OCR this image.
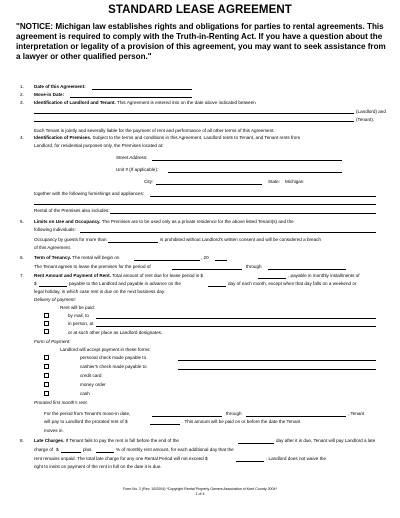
STANDARD LEASE AGREEMENT
"NOTICE: Michigan law establishes rights and obligations for parties to rental agreements. This agreement is required to comply with the Truth-in-Renting Act. If you have a question about the interpretation or legality of a provision of this agreement, you may want to seek assistance from a lawyer or other qualified person."
1. Date of this Agreement:
2. Move-in Date:
3. Identification of Landlord and Tenant. This Agreement is entered into on the date above indicated between
(Landlord) and
(Tenant).
Each Tenant is jointly and severally liable for the payment of rent and performance of all other terms of this Agreement.
4. Identification of Premises. Subject to the terms and conditions in this Agreement, Landlord rents to Tenant, and Tenant rents from
Landlord, for residential purposes only, the Premises located at:
Street Address:
Unit # (If applicable):
City:	State: Michigan
together with the following furnishings and appliances:
Rental of the Premises also includes:
5. Limits on Use and Occupancy. The Premises are to be used only as a private residence for the above listed Tenant(s) and the
following individuals:
Occupancy by guests for more than	is prohibited without Landlord's written consent and will be considered a breach
of this Agreement.
6. Term of Tenancy. The rental will begin on	, 20
The Tenant agrees to lease the premises for the period of	through
7. Rent Amount and Payment of Rent. Total amount of rent due for lease period is $	, payable in monthly installments of
$	payable to the Landlord and payable in advance on the	day of each month, except when that day falls on a weekend or
legal holiday, in which case rent is due on the next business day.
Delivery of payment:
Rent will be paid:
by mail, to
in person, at
or at such other place as Landlord designates.
Form of Payment:
Landlord will accept payment in these forms:
personal check made payable to
cashier's check made payable to
credit card
money order
cash
Prorated first month's rent.
For the period from Tenant's move-in date,	through	, Tenant
will pay to Landlord the prorated rent of $	. This amount will be paid on or before the date the Tenant
moves in.
8. Late Charges. If Tenant fails to pay the rent in full before the end of the	day after it is due, Tenant will pay Landlord a late
charge of $	plus	% of monthly rent amount, for each additional day that the
rent remains unpaid. The total late charge for any one Rental Period will not exceed $	. Landlord does not waive the
right to insist on payment of the rent in full on the date it is due.
Form No. 2 (Rev. 10/2004) *Copyright Rental Property Owners Association of Kent County 2004*
1 of 4
